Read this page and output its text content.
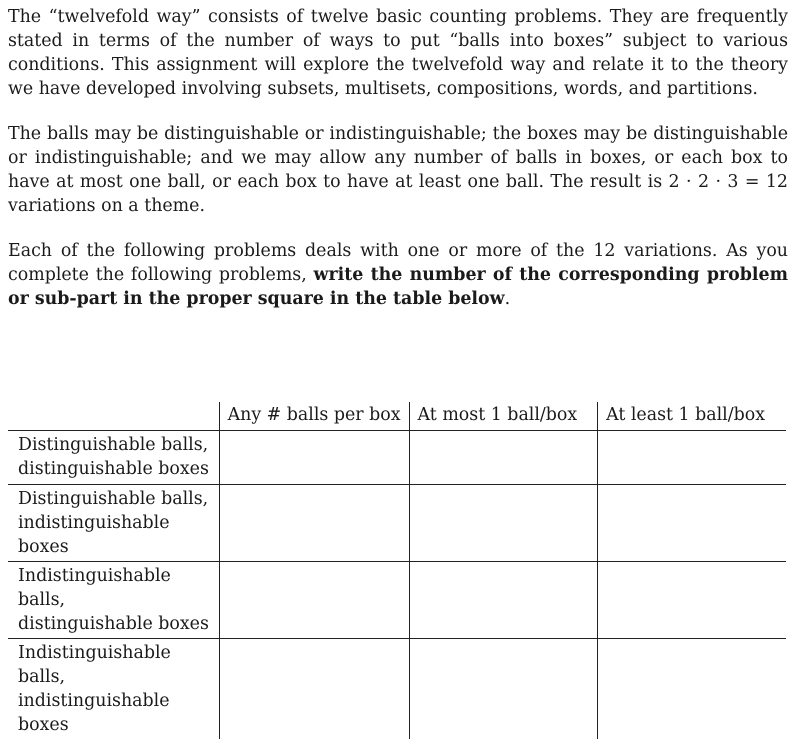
The “twelvefold way” consists of twelve basic counting problems. They are frequently stated in terms of the number of ways to put “balls into boxes” subject to various conditions. This assignment will explore the twelvefold way and relate it to the theory we have developed involving subsets, multisets, compositions, words, and partitions.

The balls may be distinguishable or indistinguishable; the boxes may be distinguishable or indistinguishable; and we may allow any number of balls in boxes, or each box to have at most one ball, or each box to have at least one ball. The result is 2 · 2 · 3 = 12 variations on a theme.

Each of the following problems deals with one or more of the 12 variations. As you complete the following problems, write the number of the corresponding problem or sub-part in the proper square in the table below.

	Any # balls per box	At most 1 ball/box	At least 1 ball/box

Distinguishable balls,
distinguishable boxes			

Distinguishable balls,
indistinguishable boxes			

Indistinguishable balls,
distinguishable boxes			

Indistinguishable balls,
indistinguishable boxes			
